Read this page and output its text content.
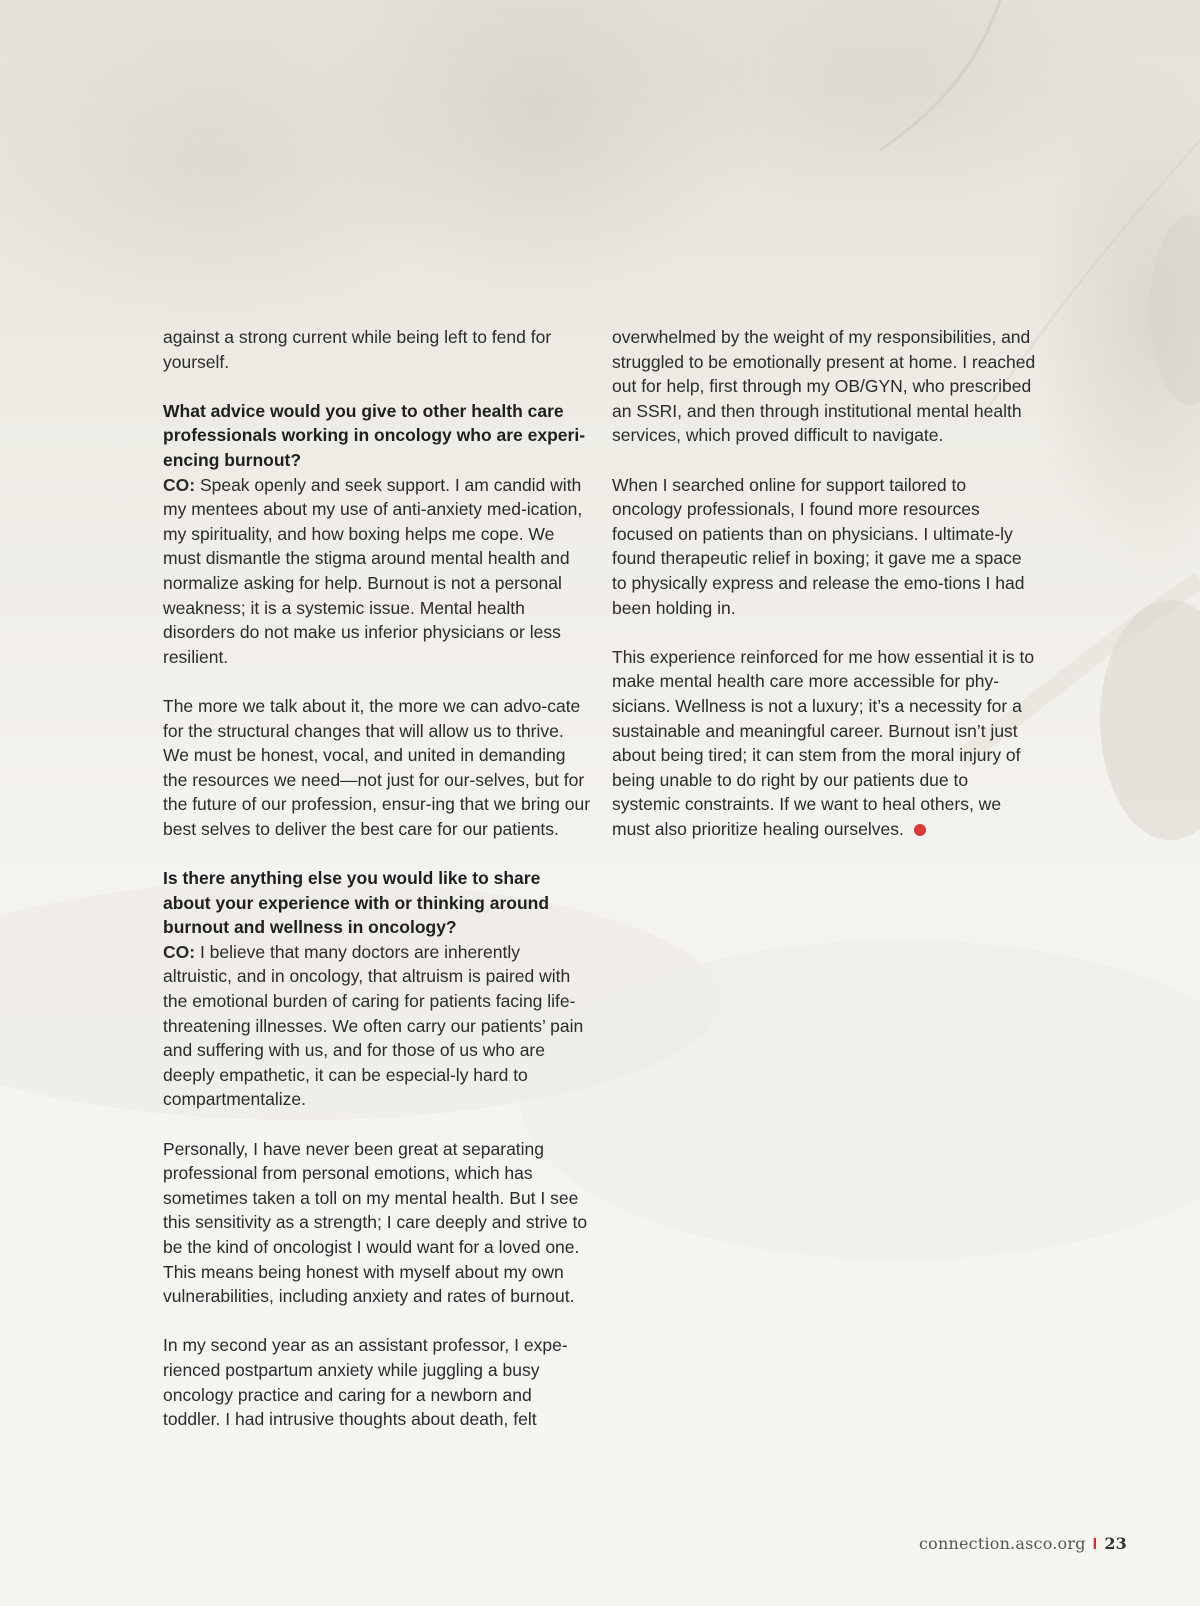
against a strong current while being left to fend for yourself.

What advice would you give to other health care professionals working in oncology who are experi-encing burnout?

CO: Speak openly and seek support. I am candid with my mentees about my use of anti-anxiety med-ication, my spirituality, and how boxing helps me cope. We must dismantle the stigma around mental health and normalize asking for help. Burnout is not a personal weakness; it is a systemic issue. Mental health disorders do not make us inferior physicians or less resilient.

The more we talk about it, the more we can advo-cate for the structural changes that will allow us to thrive. We must be honest, vocal, and united in demanding the resources we need—not just for our-selves, but for the future of our profession, ensur-ing that we bring our best selves to deliver the best care for our patients.

Is there anything else you would like to share about your experience with or thinking around burnout and wellness in oncology?

CO: I believe that many doctors are inherently altruistic, and in oncology, that altruism is paired with the emotional burden of caring for patients facing life-threatening illnesses. We often carry our patients’ pain and suffering with us, and for those of us who are deeply empathetic, it can be especial-ly hard to compartmentalize.

Personally, I have never been great at separating professional from personal emotions, which has sometimes taken a toll on my mental health. But I see this sensitivity as a strength; I care deeply and strive to be the kind of oncologist I would want for a loved one. This means being honest with myself about my own vulnerabilities, including anxiety and rates of burnout.

In my second year as an assistant professor, I expe-rienced postpartum anxiety while juggling a busy oncology practice and caring for a newborn and toddler. I had intrusive thoughts about death, felt

overwhelmed by the weight of my responsibilities, and struggled to be emotionally present at home. I reached out for help, first through my OB/GYN, who prescribed an SSRI, and then through institutional mental health services, which proved difficult to navigate.

When I searched online for support tailored to oncology professionals, I found more resources focused on patients than on physicians. I ultimate-ly found therapeutic relief in boxing; it gave me a space to physically express and release the emo-tions I had been holding in.

This experience reinforced for me how essential it is to make mental health care more accessible for phy-sicians. Wellness is not a luxury; it’s a necessity for a sustainable and meaningful career. Burnout isn’t just about being tired; it can stem from the moral injury of being unable to do right by our patients due to systemic constraints. If we want to heal others, we must also prioritize healing ourselves.

connection.asco.org I 23
